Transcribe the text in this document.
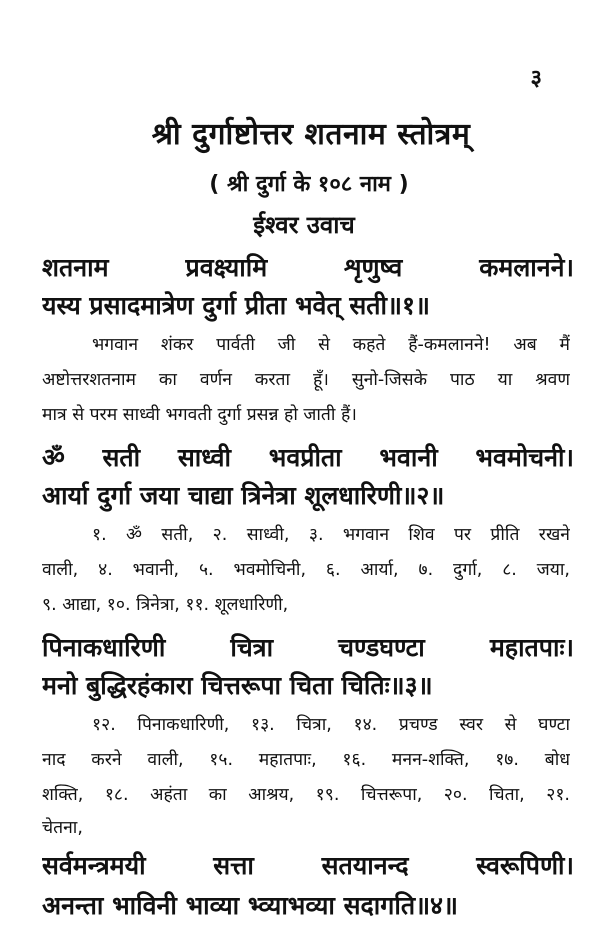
३
श्री दुर्गाष्टोत्तर शतनाम स्तोत्रम्
( श्री दुर्गा के १०८ नाम )
ईश्वर उवाच
शतनाम प्रवक्ष्यामि शृणुष्व कमलानने।
यस्य प्रसादमात्रेण दुर्गा प्रीता भवेत् सती॥१॥
भगवान शंकर पार्वती जी से कहते हैं-कमलानने! अब मैं
अष्टोत्तरशतनाम का वर्णन करता हूँ। सुनो-जिसके पाठ या श्रवण
मात्र से परम साध्वी भगवती दुर्गा प्रसन्न हो जाती हैं।
ॐ सती साध्वी भवप्रीता भवानी भवमोचनी।
आर्या दुर्गा जया चाद्या त्रिनेत्रा शूलधारिणी॥२॥
१. ॐ सती, २. साध्वी, ३. भगवान शिव पर प्रीति रखने
वाली, ४. भवानी, ५. भवमोचिनी, ६. आर्या, ७. दुर्गा, ८. जया,
९. आद्या, १०. त्रिनेत्रा, ११. शूलधारिणी,
पिनाकधारिणी चित्रा चण्डघण्टा महातपाः।
मनो बुद्धिरहंकारा चित्तरूपा चिता चितिः॥३॥
१२. पिनाकधारिणी, १३. चित्रा, १४. प्रचण्ड स्वर से घण्टा
नाद करने वाली, १५. महातपाः, १६. मनन-शक्ति, १७. बोध
शक्ति, १८. अहंता का आश्रय, १९. चित्तरूपा, २०. चिता, २१.
चेतना,
सर्वमन्त्रमयी सत्ता सतयानन्द स्वरूपिणी।
अनन्ता भाविनी भाव्या भ्व्याभव्या सदागति॥४॥
